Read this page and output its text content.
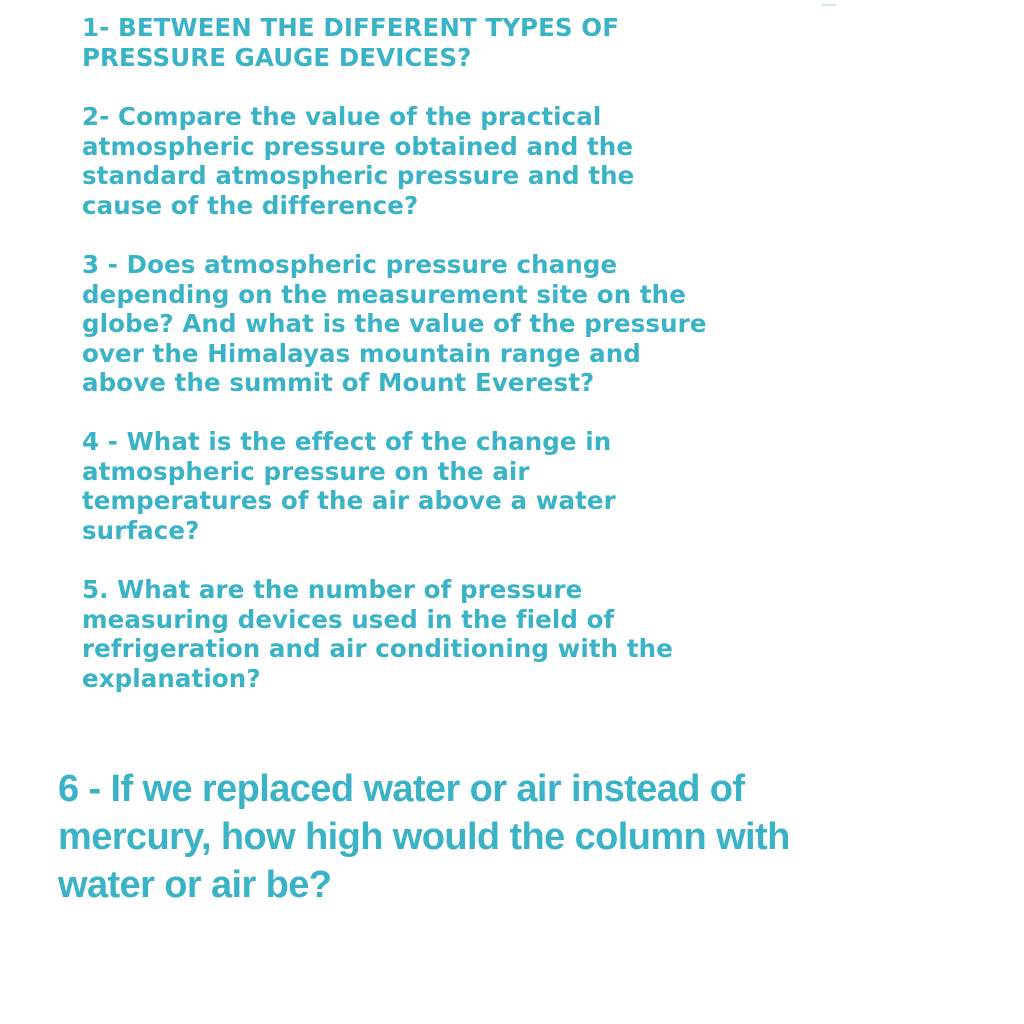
1- BETWEEN THE DIFFERENT TYPES OF
PRESSURE GAUGE DEVICES?

2- Compare the value of the practical
atmospheric pressure obtained and the
standard atmospheric pressure and the
cause of the difference?

3 - Does atmospheric pressure change
depending on the measurement site on the
globe? And what is the value of the pressure
over the Himalayas mountain range and
above the summit of Mount Everest?

4 - What is the effect of the change in
atmospheric pressure on the air
temperatures of the air above a water
surface?

5. What are the number of pressure
measuring devices used in the field of
refrigeration and air conditioning with the
explanation?

6 - If we replaced water or air instead of
mercury, how high would the column with
water or air be?
